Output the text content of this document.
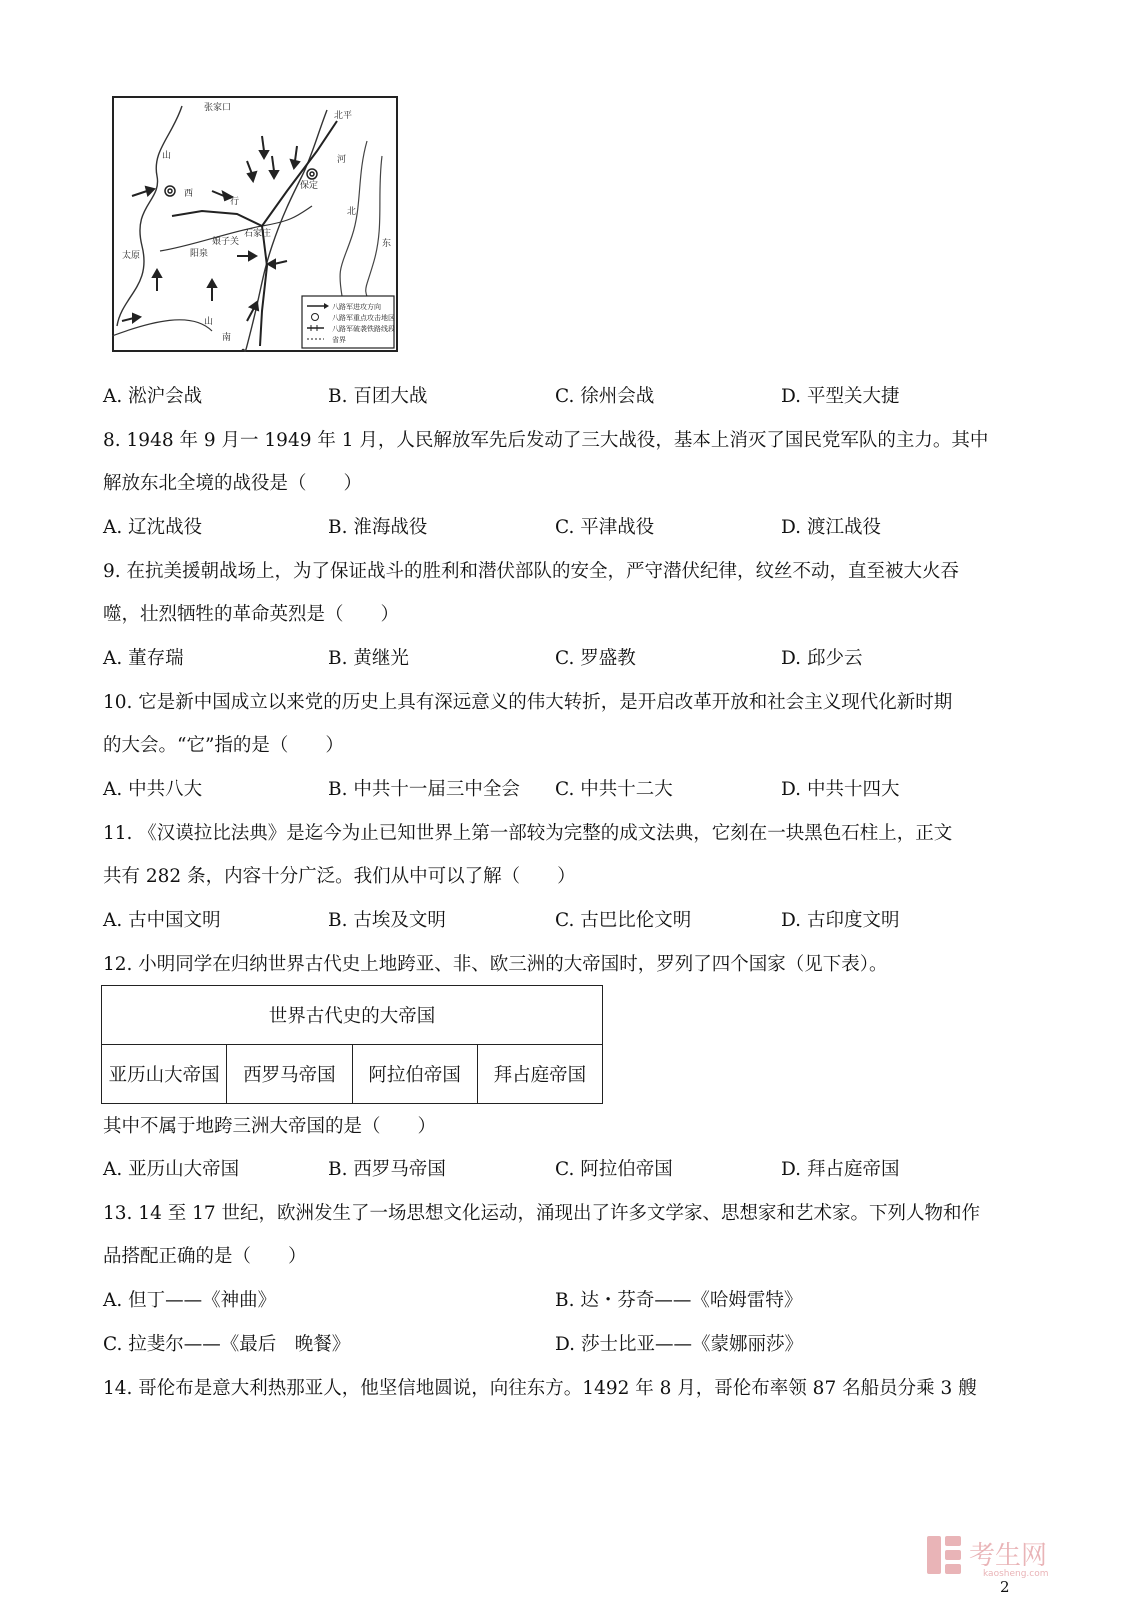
张家口
北平
山
太原
石家庄
保定
阳泉
娘子关
行
河
北
西
山
南
东
八路军进攻方向
八路军重点攻击地区
八路军破袭铁路线段
省界
A. 淞沪会战	B. 百团大战	C. 徐州会战	D. 平型关大捷
8. 1948 年 9 月一 1949 年 1 月，人民解放军先后发动了三大战役，基本上消灭了国民党军队的主力。其中
解放东北全境的战役是（　　）
A. 辽沈战役	B. 淮海战役	C. 平津战役	D. 渡江战役
9. 在抗美援朝战场上，为了保证战斗的胜利和潜伏部队的安全，严守潜伏纪律，纹丝不动，直至被大火吞
噬，壮烈牺牲的革命英烈是（　　）
A. 董存瑞	B. 黄继光	C. 罗盛教	D. 邱少云
10. 它是新中国成立以来党的历史上具有深远意义的伟大转折，是开启改革开放和社会主义现代化新时期
的大会。“它”指的是（　　）
A. 中共八大	B. 中共十一届三中全会 C. 中共十二大	D. 中共十四大
11. 《汉谟拉比法典》是迄今为止已知世界上第一部较为完整的成文法典，它刻在一块黑色石柱上，正文
共有 282 条，内容十分广泛。我们从中可以了解（　　）
A. 古中国文明	B. 古埃及文明	C. 古巴比伦文明	D. 古印度文明
12. 小明同学在归纳世界古代史上地跨亚、非、欧三洲的大帝国时，罗列了四个国家（见下表）。
世界古代史的大帝国
亚历山大帝国	西罗马帝国	阿拉伯帝国	拜占庭帝国
其中不属于地跨三洲大帝国的是（　　）
A. 亚历山大帝国	B. 西罗马帝国	C. 阿拉伯帝国	D. 拜占庭帝国
13. 14 至 17 世纪，欧洲发生了一场思想文化运动，涌现出了许多文学家、思想家和艺术家。下列人物和作
品搭配正确的是（　　）
A. 但丁——《神曲》	B. 达・芬奇——《哈姆雷特》
C. 拉斐尔——《最后　晚餐》	D. 莎士比亚——《蒙娜丽莎》
14. 哥伦布是意大利热那亚人，他坚信地圆说，向往东方。1492 年 8 月，哥伦布率领 87 名船员分乘 3 艘
考生网
kaosheng.com
2
